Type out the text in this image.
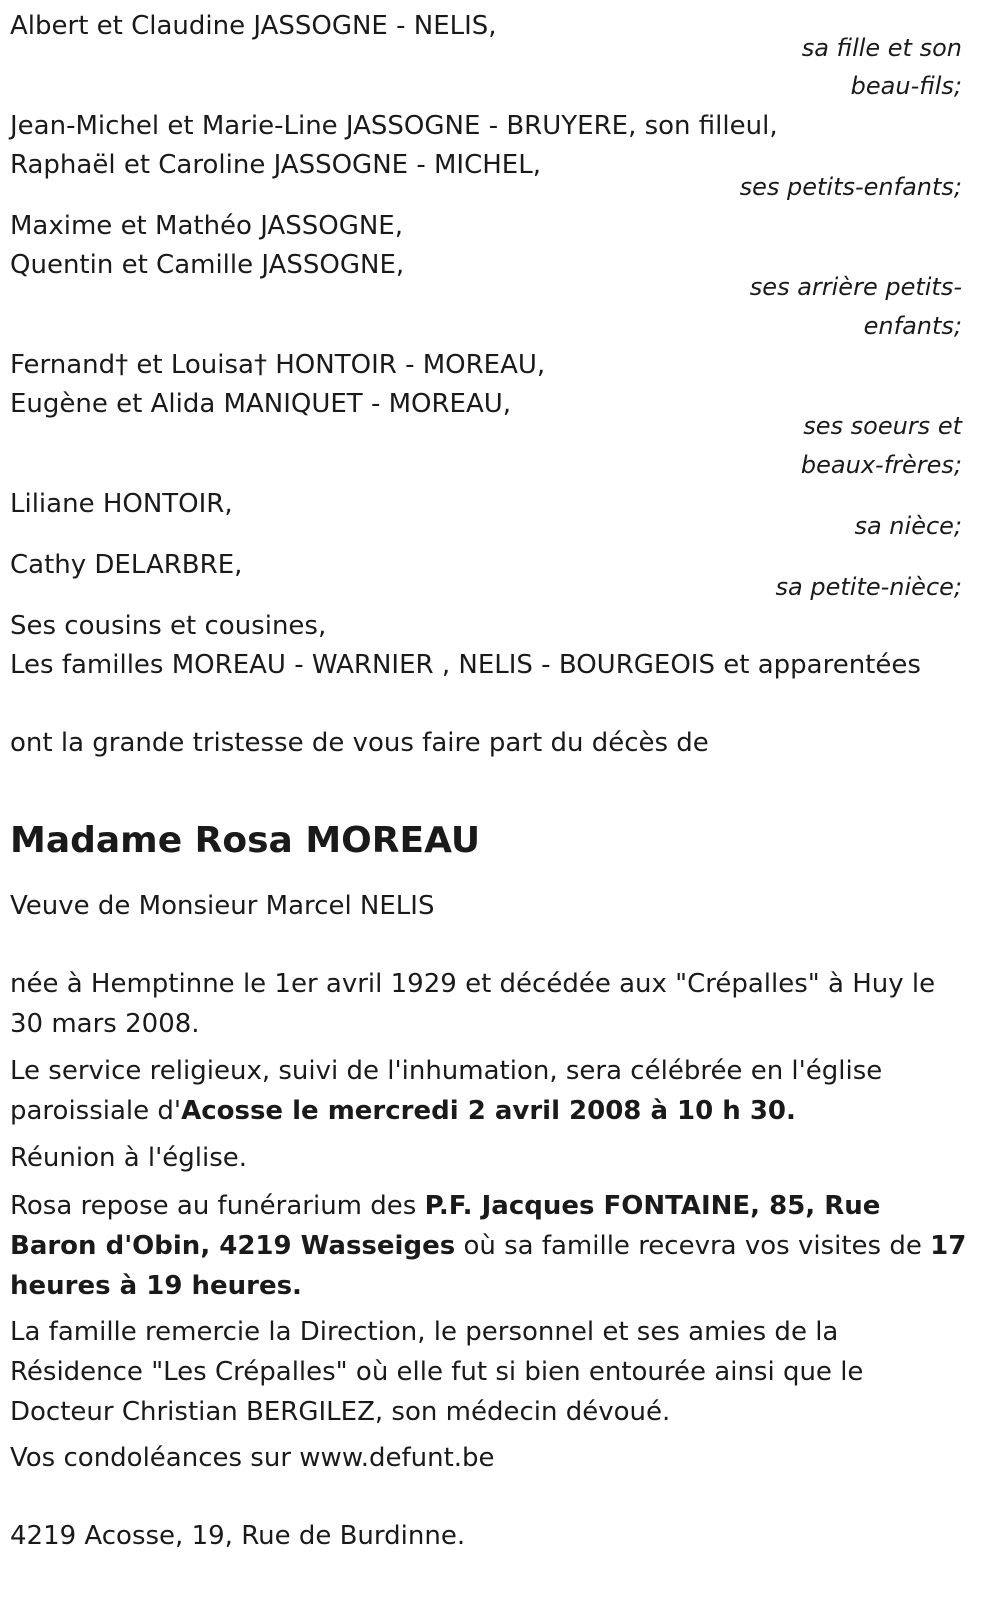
Albert et Claudine JASSOGNE - NELIS,
sa fille et son
beau-fils;
Jean-Michel et Marie-Line JASSOGNE - BRUYERE, son filleul,
Raphaël et Caroline JASSOGNE - MICHEL,
ses petits-enfants;
Maxime et Mathéo JASSOGNE,
Quentin et Camille JASSOGNE,
ses arrière petits-
enfants;
Fernand† et Louisa† HONTOIR - MOREAU,
Eugène et Alida MANIQUET - MOREAU,
ses soeurs et
beaux-frères;
Liliane HONTOIR,
sa nièce;
Cathy DELARBRE,
sa petite-nièce;
Ses cousins et cousines,
Les familles MOREAU - WARNIER , NELIS - BOURGEOIS et apparentées
ont la grande tristesse de vous faire part du décès de
Madame Rosa MOREAU
Veuve de Monsieur Marcel NELIS
née à Hemptinne le 1er avril 1929 et décédée aux "Crépalles" à Huy le 30 mars 2008.
Le service religieux, suivi de l'inhumation, sera célébrée en l'église paroissiale d'Acosse le mercredi 2 avril 2008 à 10 h 30.
Réunion à l'église.
Rosa repose au funérarium des P.F. Jacques FONTAINE, 85, Rue Baron d'Obin, 4219 Wasseiges où sa famille recevra vos visites de 17 heures à 19 heures.
La famille remercie la Direction, le personnel et ses amies de la Résidence "Les Crépalles" où elle fut si bien entourée ainsi que le Docteur Christian BERGILEZ, son médecin dévoué.
Vos condoléances sur www.defunt.be
4219 Acosse, 19, Rue de Burdinne.
